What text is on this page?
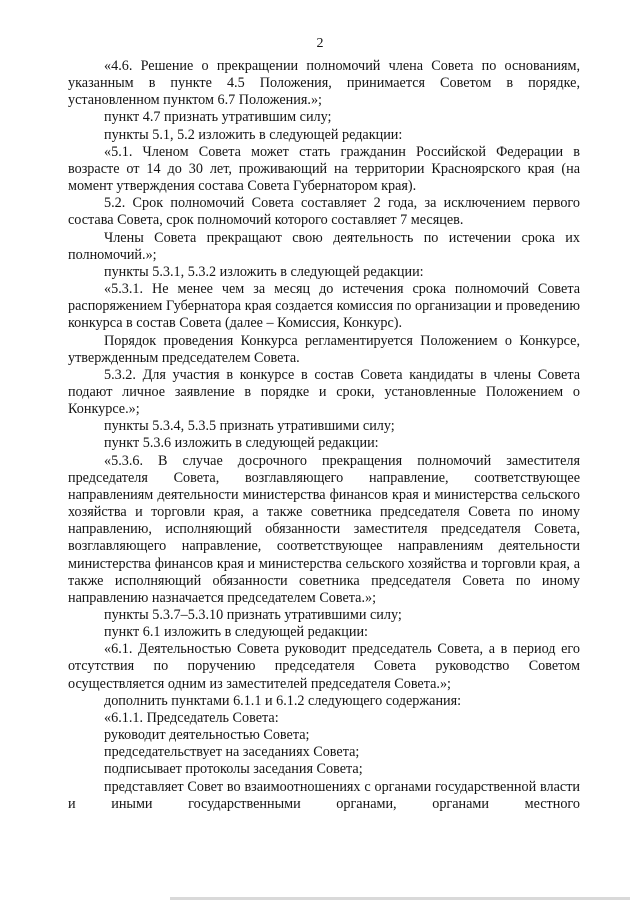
2

«4.6. Решение о прекращении полномочий члена Совета по основаниям, указанным в пункте 4.5 Положения, принимается Советом в порядке, установленном пунктом 6.7 Положения.»;

пункт 4.7 признать утратившим силу;

пункты 5.1, 5.2 изложить в следующей редакции:

«5.1. Членом Совета может стать гражданин Российской Федерации в возрасте от 14 до 30 лет, проживающий на территории Красноярского края (на момент утверждения состава Совета Губернатором края).

5.2. Срок полномочий Совета составляет 2 года, за исключением первого состава Совета, срок полномочий которого составляет 7 месяцев.

Члены Совета прекращают свою деятельность по истечении срока их полномочий.»;

пункты 5.3.1, 5.3.2 изложить в следующей редакции:

«5.3.1. Не менее чем за месяц до истечения срока полномочий Совета распоряжением Губернатора края создается комиссия по организации и проведению конкурса в состав Совета (далее – Комиссия, Конкурс).

Порядок проведения Конкурса регламентируется Положением о Конкурсе, утвержденным председателем Совета.

5.3.2. Для участия в конкурсе в состав Совета кандидаты в члены Совета подают личное заявление в порядке и сроки, установленные Положением о Конкурсе.»;

пункты 5.3.4, 5.3.5 признать утратившими силу;

пункт 5.3.6 изложить в следующей редакции:

«5.3.6. В случае досрочного прекращения полномочий заместителя председателя Совета, возглавляющего направление, соответствующее направлениям деятельности министерства финансов края и министерства сельского хозяйства и торговли края, а также советника председателя Совета по иному направлению, исполняющий обязанности заместителя председателя Совета, возглавляющего направление, соответствующее направлениям деятельности министерства финансов края и министерства сельского хозяйства и торговли края, а также исполняющий обязанности советника председателя Совета по иному направлению назначается председателем Совета.»;

пункты 5.3.7–5.3.10 признать утратившими силу;

пункт 6.1 изложить в следующей редакции:

«6.1. Деятельностью Совета руководит председатель Совета, а в период его отсутствия по поручению председателя Совета руководство Советом осуществляется одним из заместителей председателя Совета.»;

дополнить пунктами 6.1.1 и 6.1.2 следующего содержания:

«6.1.1. Председатель Совета:

руководит деятельностью Совета;

председательствует на заседаниях Совета;

подписывает протоколы заседания Совета;

представляет Совет во взаимоотношениях с органами государственной власти и иными государственными органами, органами местного
